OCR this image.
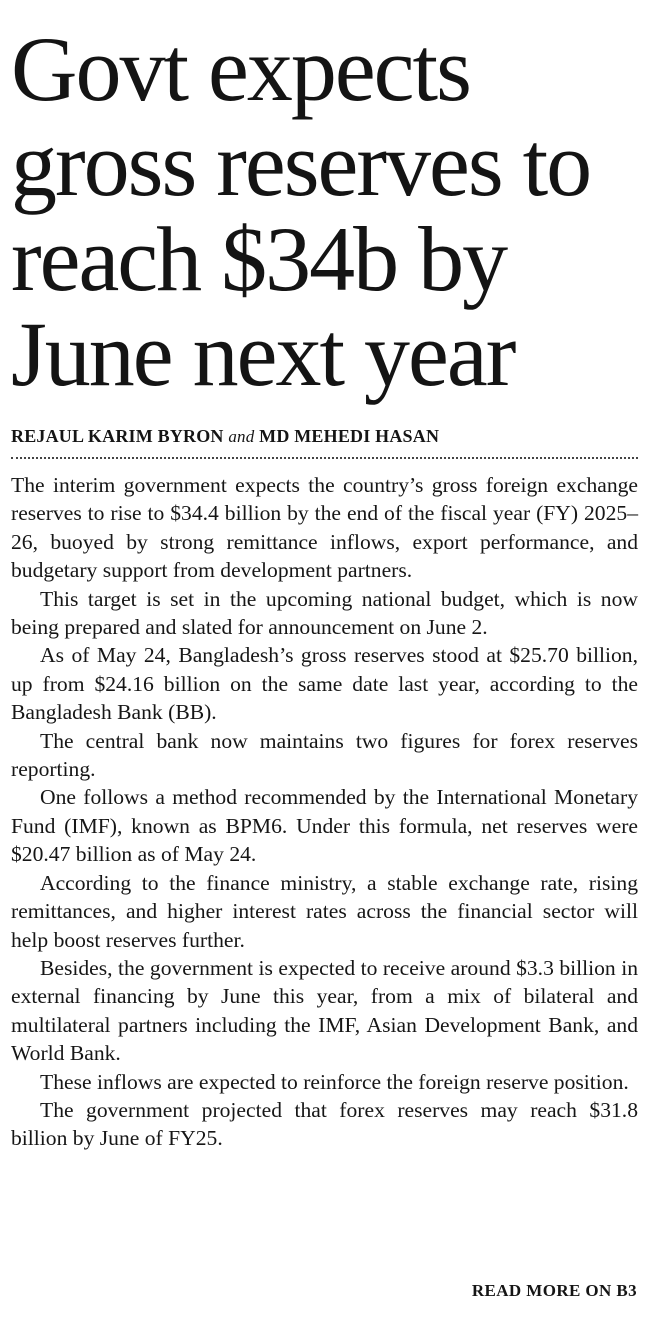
Govt expects
gross reserves to
reach $34b by
June next year
REJAUL KARIM BYRON and MD MEHEDI HASAN

The interim government expects the country’s gross foreign exchange reserves to rise to $34.4 billion by the end of the fiscal year (FY) 2025–26, buoyed by strong remittance inflows, export performance, and budgetary support from development partners.

This target is set in the upcoming national budget, which is now being prepared and slated for announcement on June 2.

As of May 24, Bangladesh’s gross reserves stood at $25.70 billion, up from $24.16 billion on the same date last year, according to the Bangladesh Bank (BB).

The central bank now maintains two figures for forex reserves reporting.

One follows a method recommended by the International Monetary Fund (IMF), known as BPM6. Under this formula, net reserves were $20.47 billion as of May 24.

According to the finance ministry, a stable exchange rate, rising remittances, and higher interest rates across the financial sector will help boost reserves further.

Besides, the government is expected to receive around $3.3 billion in external financing by June this year, from a mix of bilateral and multilateral partners including the IMF, Asian Development Bank, and World Bank.

These inflows are expected to reinforce the foreign reserve position.

The government projected that forex reserves may reach $31.8 billion by June of FY25.

READ MORE ON B3
